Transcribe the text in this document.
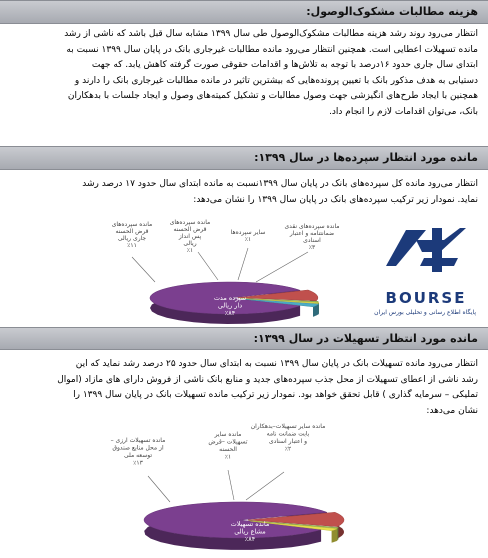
هزینه مطالبات مشکوک‌الوصول:
انتظار می‌رود روند رشد هزینه مطالبات مشکوک‌الوصول طی سال ۱۳۹۹ مشابه سال قبل باشد که ناشی از رشد
مانده تسهیلات اعطایی است. همچنین انتظار می‌رود مانده مطالبات غیرجاری بانک در پایان سال ۱۳۹۹ نسبت به
ابتدای سال جاری حدود ۱۶درصد با توجه به تلاش‌ها و اقدامات حقوقی صورت گرفته کاهش یابد. که جهت
دستیابی به هدف مذکور بانک با تعیین پرونده‌هایی که بیشترین تاثیر در مانده مطالبات غیرجاری بانک را دارند و
همچنین با ایجاد طرح‌های انگیزشی جهت وصول مطالبات و تشکیل کمیته‌های وصول و ایجاد جلسات با بدهکاران
بانک، می‌توان اقدامات لازم را انجام داد.
مانده مورد انتظار سپرده‌ها در سال ۱۳۹۹:
انتظار می‌رود مانده کل سپرده‌های بانک در پایان سال ۱۳۹۹نسبت به مانده ابتدای سال حدود ۱۷ درصد رشد
نماید. نمودار زیر ترکیب سپرده‌های بانک در پایان سال ۱۳۹۹ را نشان می‌دهد:
سپرده مدت
دار ریالی
٪۸۴
مانده سپرده‌های
قرض الحسنه
جاری ریالی
٪۱۱
مانده سپرده‌های
قرض الحسنه
پس انداز
ریالی
٪۱
سایر سپرده‌ها
٪۱
مانده سپرده‌های نقدی
ضمانتنامه و اعتبار
اسنادی
٪۳
BOURSE
پایگاه اطلاع رسانی و تحلیلی بورس ایران
مانده مورد انتظار تسهیلات در سال ۱۳۹۹:
انتظار می‌رود مانده تسهیلات بانک در پایان سال ۱۳۹۹ نسبت به ابتدای سال حدود ۲۵ درصد رشد نماید که این
رشد ناشی از اعطای تسهیلات از محل جذب سپرده‌های جدید و منابع بانک ناشی از فروش دارای های مازاد (اموال
تملیکی – سرمایه گذاری ) قابل تحقق خواهد بود. نمودار زیر ترکیب مانده تسهیلات بانک در پایان سال ۱۳۹۹ را
نشان می‌دهد:
مانده تسهیلات
مشاع ریالی
٪۸۴
مانده تسهیلات ارزی –
از محل منابع صندوق
توسعه ملی
٪۱۳
مانده سایر
تسهیلات –قرض
الحسنه
٪۱
مانده سایر تسهیلات–بدهکاران
بابت ضمانت نامه
و اعتبار اسنادی
٪۲
